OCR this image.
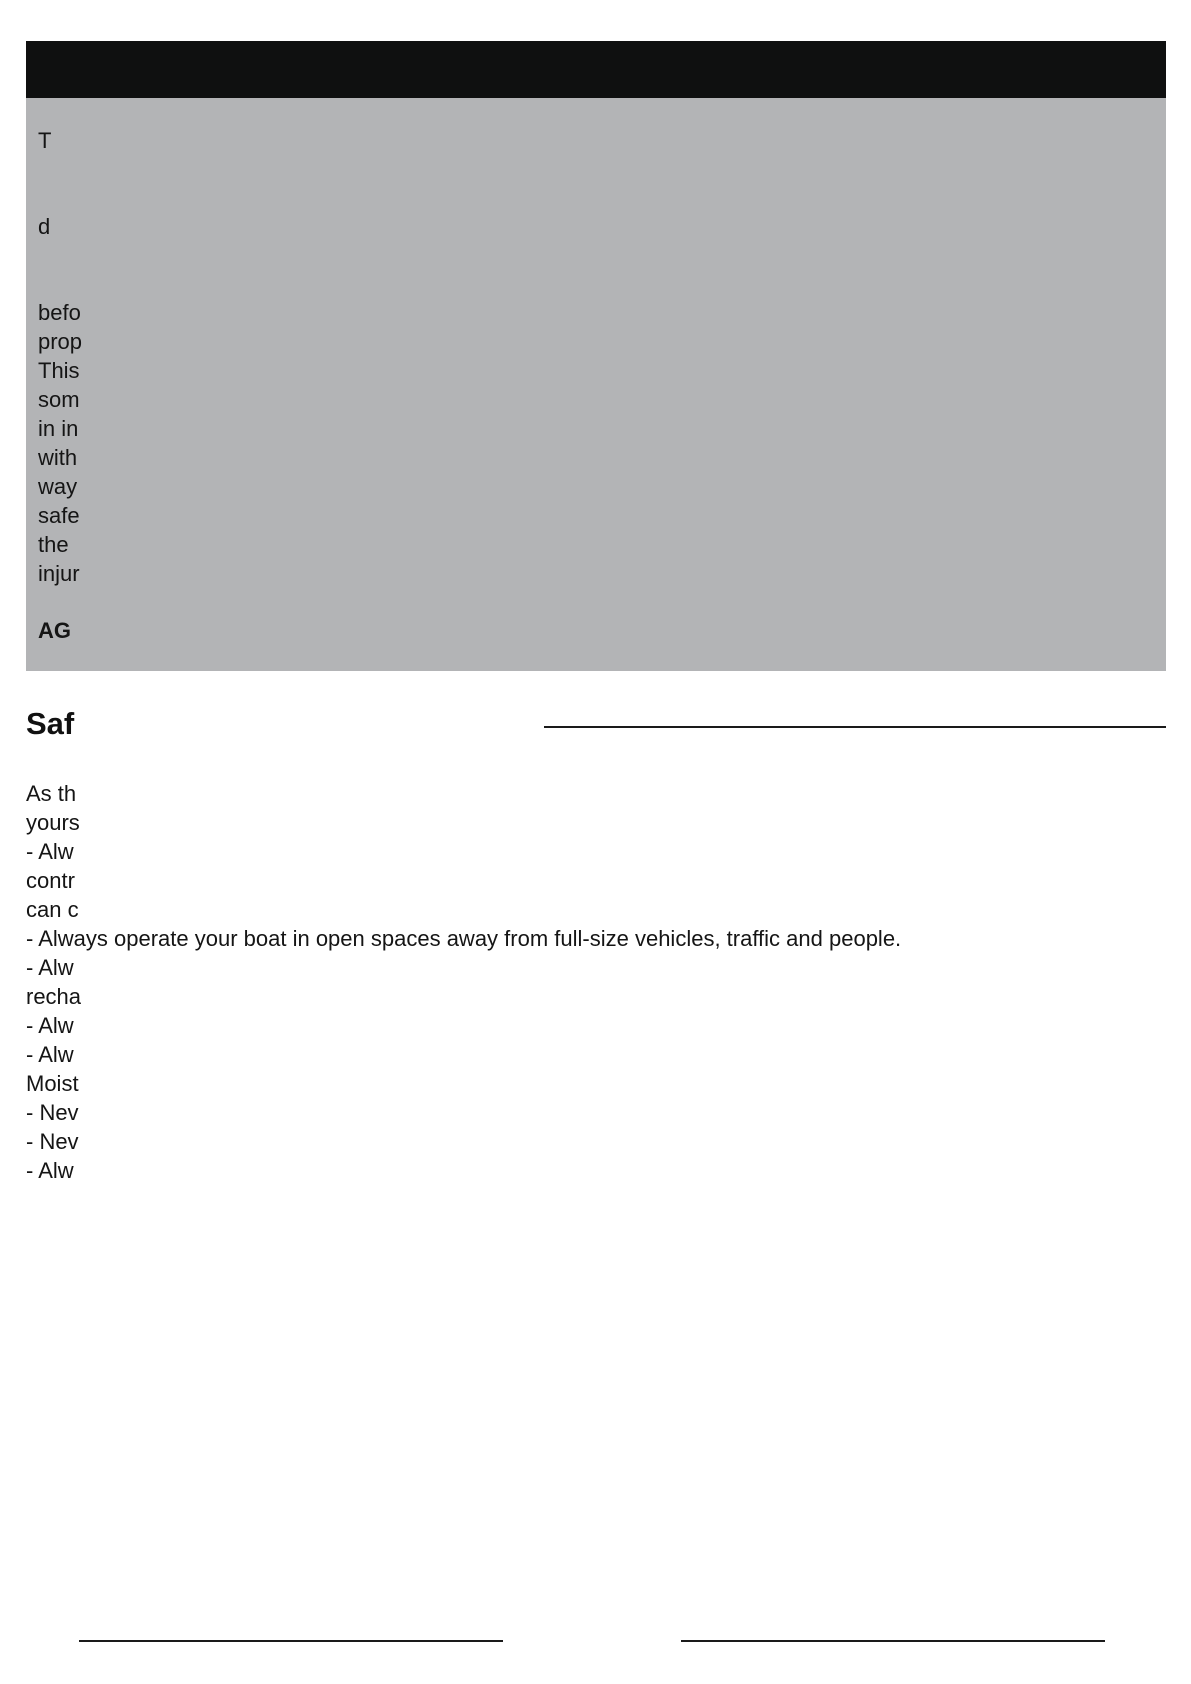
T
d
befo
prop
This
som
in in
with
way
safe
the
injur
AG
Saf
As th
yours
- Alw
contr
can c
- Always operate your boat in open spaces away from full-size vehicles, traffic and people.
- Alw
recha
- Alw
- Alw
Moist
- Nev
- Nev
- Alw
